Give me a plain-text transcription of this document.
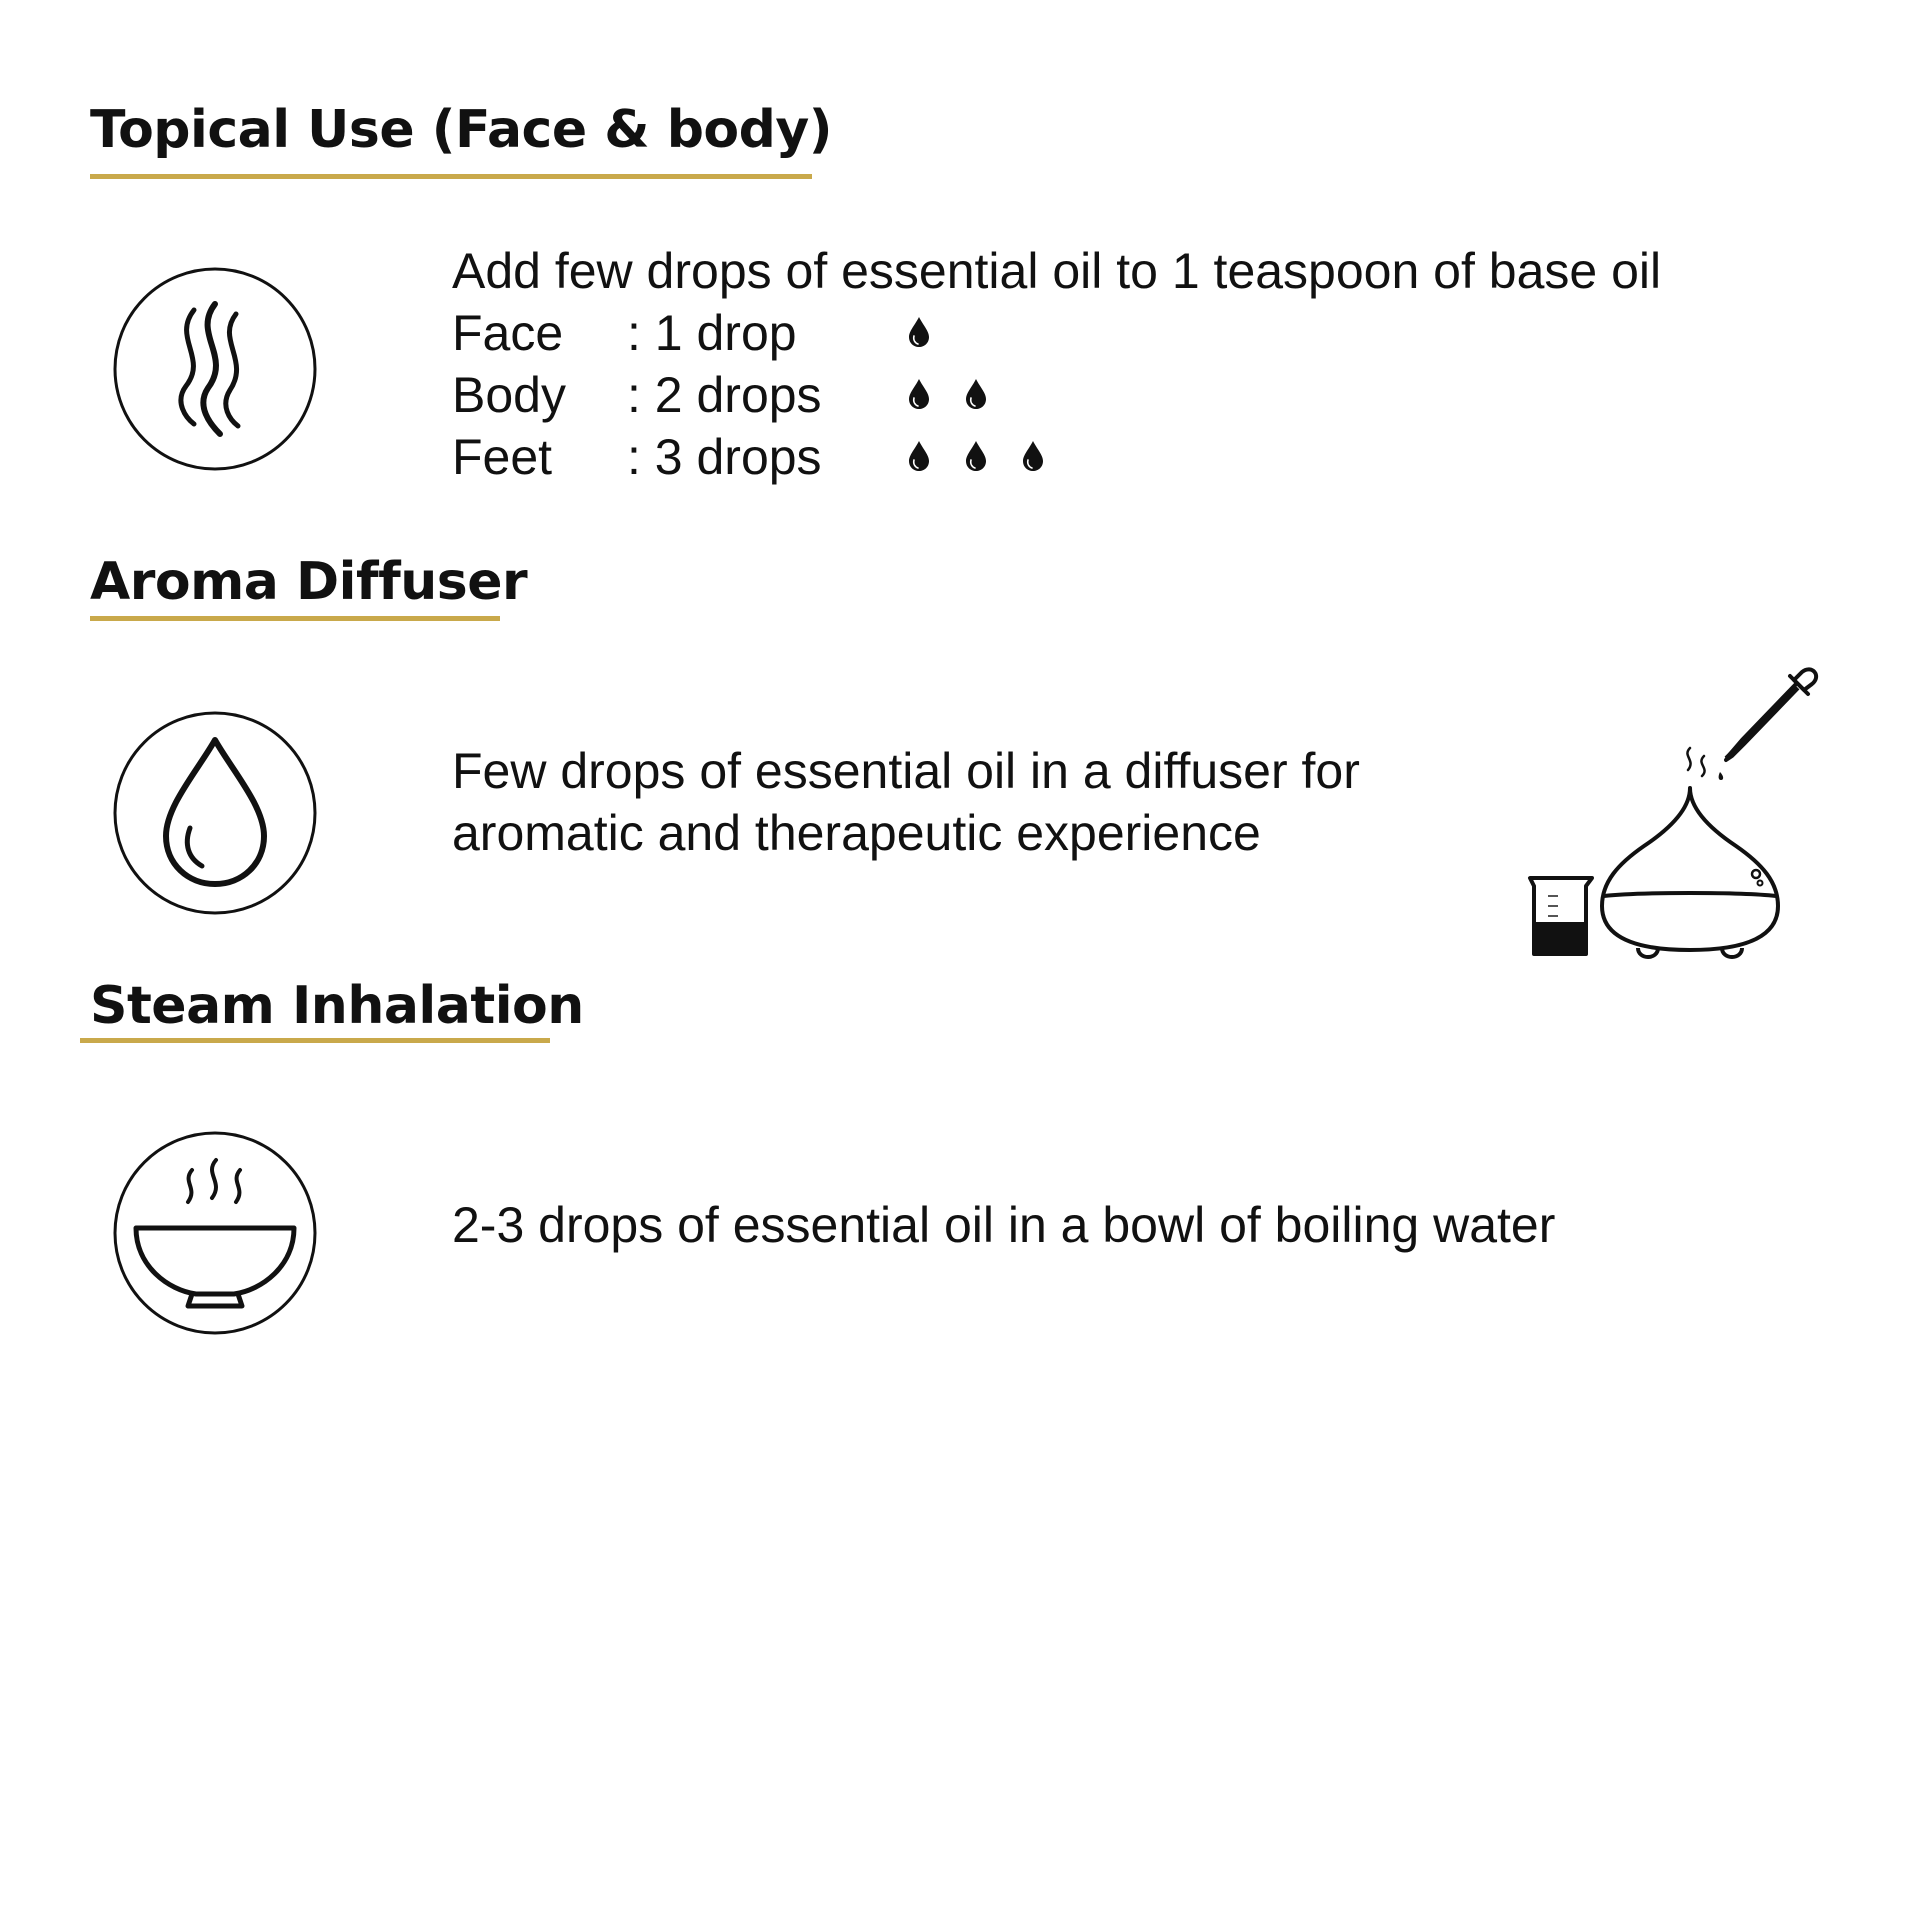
Topical Use (Face & body)

Add few drops of essential oil to 1 teaspoon of base oil

Face : 1 drop
Body : 2 drops
Feet : 3 drops
Aroma Diffuser

Few drops of essential oil in a diffuser for

aromatic and therapeutic experience

Steam Inhalation

2-3 drops of essential oil in a bowl of boiling water
